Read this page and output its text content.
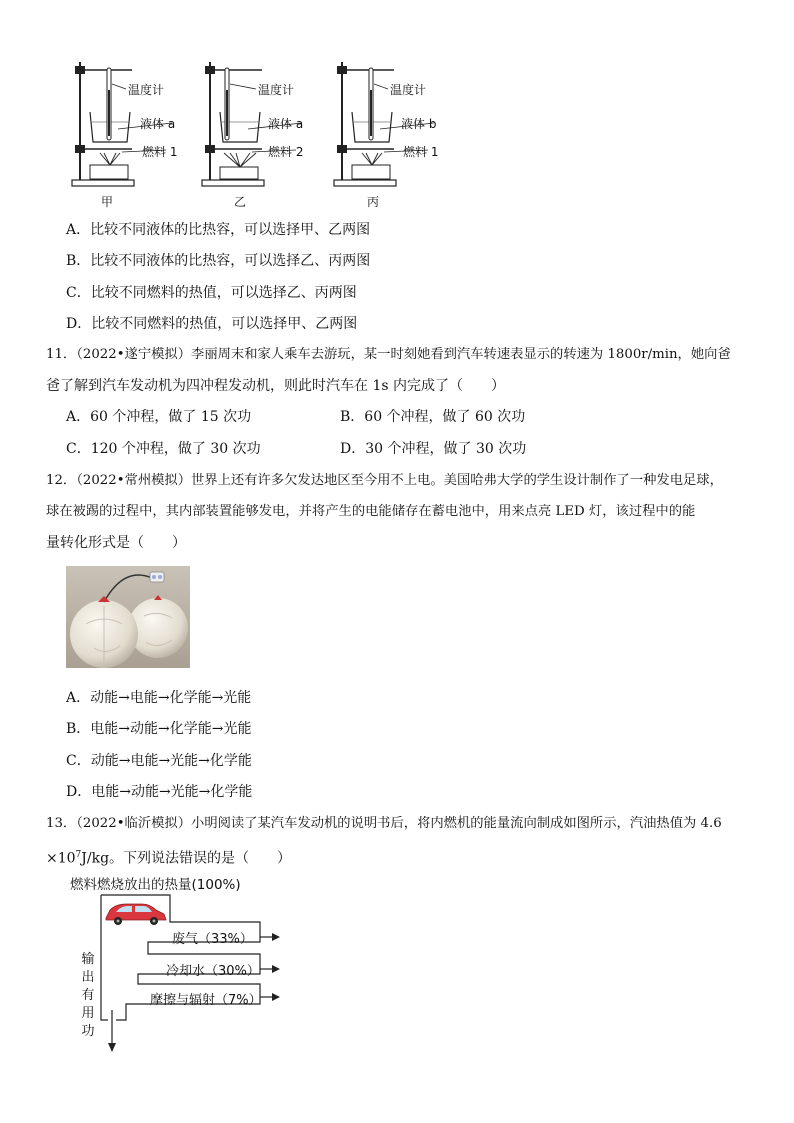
温度计
液体 a
燃料 1
甲
温度计
液体 a
燃料 2
乙
温度计
液体 b
燃料 1
丙
A．比较不同液体的比热容，可以选择甲、乙两图
B．比较不同液体的比热容，可以选择乙、丙两图
C．比较不同燃料的热值，可以选择乙、丙两图
D．比较不同燃料的热值，可以选择甲、乙两图
11．（2022•遂宁模拟）李丽周末和家人乘车去游玩，某一时刻她看到汽车转速表显示的转速为 1800r/min，她向爸
爸了解到汽车发动机为四冲程发动机，则此时汽车在 1s 内完成了（　　）
A．60 个冲程，做了 15 次功	B．60 个冲程，做了 60 次功
C．120 个冲程，做了 30 次功	D．30 个冲程，做了 30 次功
12．（2022•常州模拟）世界上还有许多欠发达地区至今用不上电。美国哈弗大学的学生设计制作了一种发电足球，
球在被踢的过程中，其内部装置能够发电，并将产生的电能储存在蓄电池中，用来点亮 LED 灯，该过程中的能
量转化形式是（　　）
A．动能→电能→化学能→光能
B．电能→动能→化学能→光能
C．动能→电能→光能→化学能
D．电能→动能→光能→化学能
13．（2022•临沂模拟）小明阅读了某汽车发动机的说明书后，将内燃机的能量流向制成如图所示，汽油热值为 4.6
$\times 10^7J/kg$。下列说法错误的是（　　）
燃料燃烧放出的热量(100%)
废气（33%）
冷却水（30%）
摩擦与辐射（7%）
输
出
有
用
功
